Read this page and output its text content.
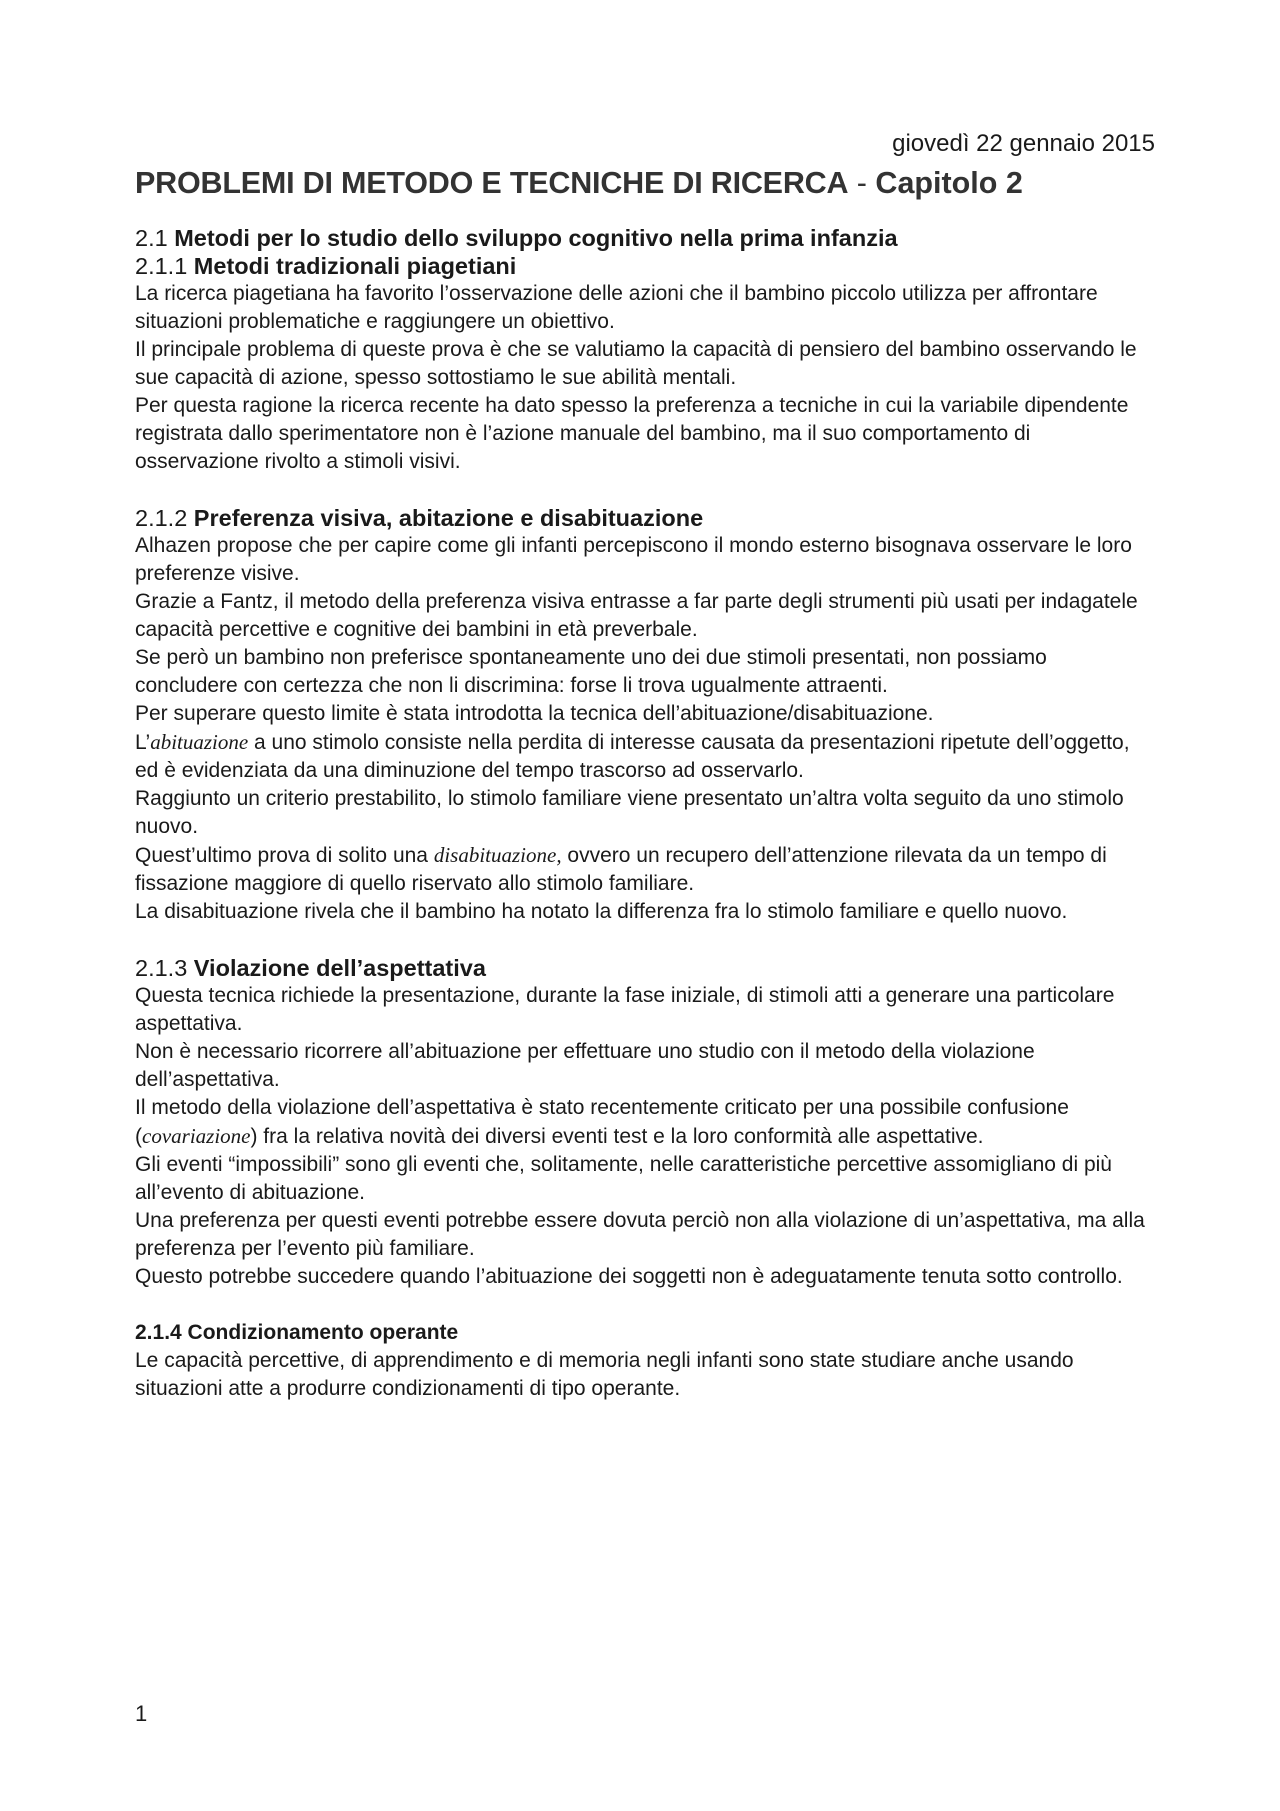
giovedì 22 gennaio 2015

PROBLEMI DI METODO E TECNICHE DI RICERCA - Capitolo 2
2.1 Metodi per lo studio dello sviluppo cognitivo nella prima infanzia
2.1.1 Metodi tradizionali piagetiani

La ricerca piagetiana ha favorito l’osservazione delle azioni che il bambino piccolo utilizza per affrontare situazioni problematiche e raggiungere un obiettivo.

Il principale problema di queste prova è che se valutiamo la capacità di pensiero del bambino osservando le sue capacità di azione, spesso sottostiamo le sue abilità mentali.

Per questa ragione la ricerca recente ha dato spesso la preferenza a tecniche in cui la variabile dipendente registrata dallo sperimentatore non è l’azione manuale del bambino, ma il suo comportamento di osservazione rivolto a stimoli visivi.

2.1.2 Preferenza visiva, abitazione e disabituazione

Alhazen propose che per capire come gli infanti percepiscono il mondo esterno bisognava osservare le loro preferenze visive.

Grazie a Fantz, il metodo della preferenza visiva entrasse a far parte degli strumenti più usati per indagatele capacità percettive e cognitive dei bambini in età preverbale.

Se però un bambino non preferisce spontaneamente uno dei due stimoli presentati, non possiamo concludere con certezza che non li discrimina: forse li trova ugualmente attraenti.

Per superare questo limite è stata introdotta la tecnica dell’abituazione/disabituazione.

L’abituazione a uno stimolo consiste nella perdita di interesse causata da presentazioni ripetute dell’oggetto, ed è evidenziata da una diminuzione del tempo trascorso ad osservarlo.

Raggiunto un criterio prestabilito, lo stimolo familiare viene presentato un’altra volta seguito da uno stimolo nuovo.

Quest’ultimo prova di solito una disabituazione, ovvero un recupero dell’attenzione rilevata da un tempo di fissazione maggiore di quello riservato allo stimolo familiare.

La disabituazione rivela che il bambino ha notato la differenza fra lo stimolo familiare e quello nuovo.

2.1.3 Violazione dell’aspettativa

Questa tecnica richiede la presentazione, durante la fase iniziale, di stimoli atti a generare una particolare aspettativa.

Non è necessario ricorrere all’abituazione per effettuare uno studio con il metodo della violazione dell’aspettativa.

Il metodo della violazione dell’aspettativa è stato recentemente criticato per una possibile confusione (covariazione) fra la relativa novità dei diversi eventi test e la loro conformità alle aspettative.

Gli eventi “impossibili” sono gli eventi che, solitamente, nelle caratteristiche percettive assomigliano di più all’evento di abituazione.

Una preferenza per questi eventi potrebbe essere dovuta perciò non alla violazione di un’aspettativa, ma alla preferenza per l’evento più familiare.

Questo potrebbe succedere quando l’abituazione dei soggetti non è adeguatamente tenuta sotto controllo.

2.1.4 Condizionamento operante

Le capacità percettive, di apprendimento e di memoria negli infanti sono state studiare anche usando situazioni atte a produrre condizionamenti di tipo operante.

1
